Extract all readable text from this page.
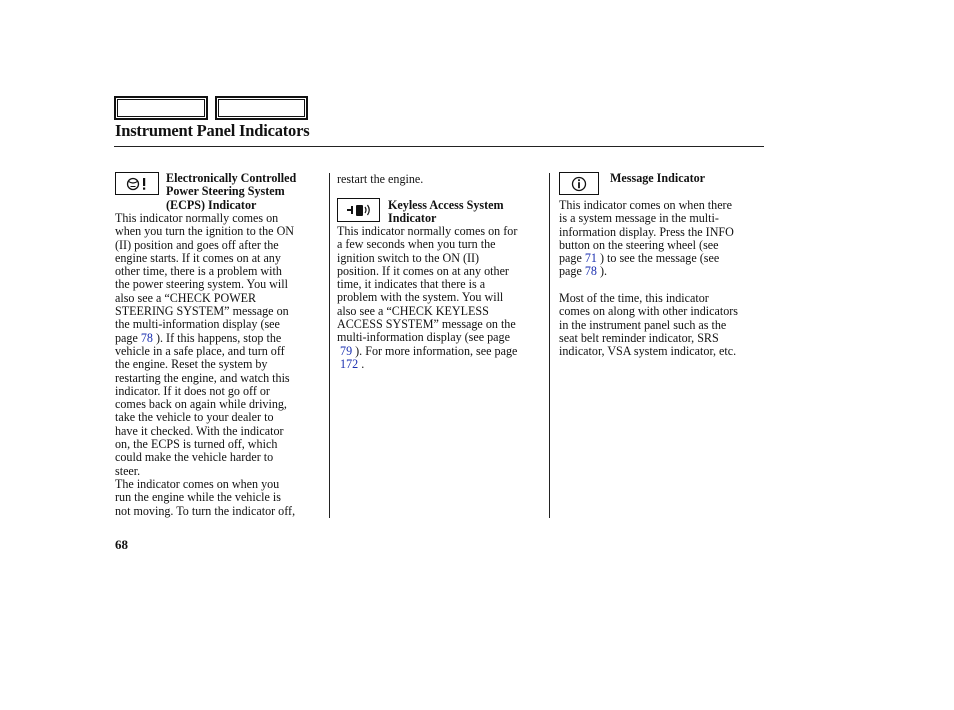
Instrument Panel Indicators
Electronically Controlled
Power Steering System
(ECPS) Indicator

This indicator normally comes on

when you turn the ignition to the ON

(II) position and goes off after the

engine starts. If it comes on at any

other time, there is a problem with

the power steering system. You will

also see a “CHECK POWER

STEERING SYSTEM” message on

the multi-information display (see

page 78 ). If this happens, stop the

vehicle in a safe place, and turn off

the engine. Reset the system by

restarting the engine, and watch this

indicator. If it does not go off or

comes back on again while driving,

take the vehicle to your dealer to

have it checked. With the indicator

on, the ECPS is turned off, which

could make the vehicle harder to

steer.

The indicator comes on when you

run the engine while the vehicle is

not moving. To turn the indicator off,

restart the engine.

Keyless Access System
Indicator

This indicator normally comes on for

a few seconds when you turn the

ignition switch to the ON (II)

position. If it comes on at any other

time, it indicates that there is a

problem with the system. You will

also see a “CHECK KEYLESS

ACCESS SYSTEM” message on the

multi-information display (see page

79 ). For more information, see page

172 .

Message Indicator

This indicator comes on when there

is a system message in the multi-

information display. Press the INFO

button on the steering wheel (see

page 71 ) to see the message (see

page 78 ).

Most of the time, this indicator

comes on along with other indicators

in the instrument panel such as the

seat belt reminder indicator, SRS

indicator, VSA system indicator, etc.

68
